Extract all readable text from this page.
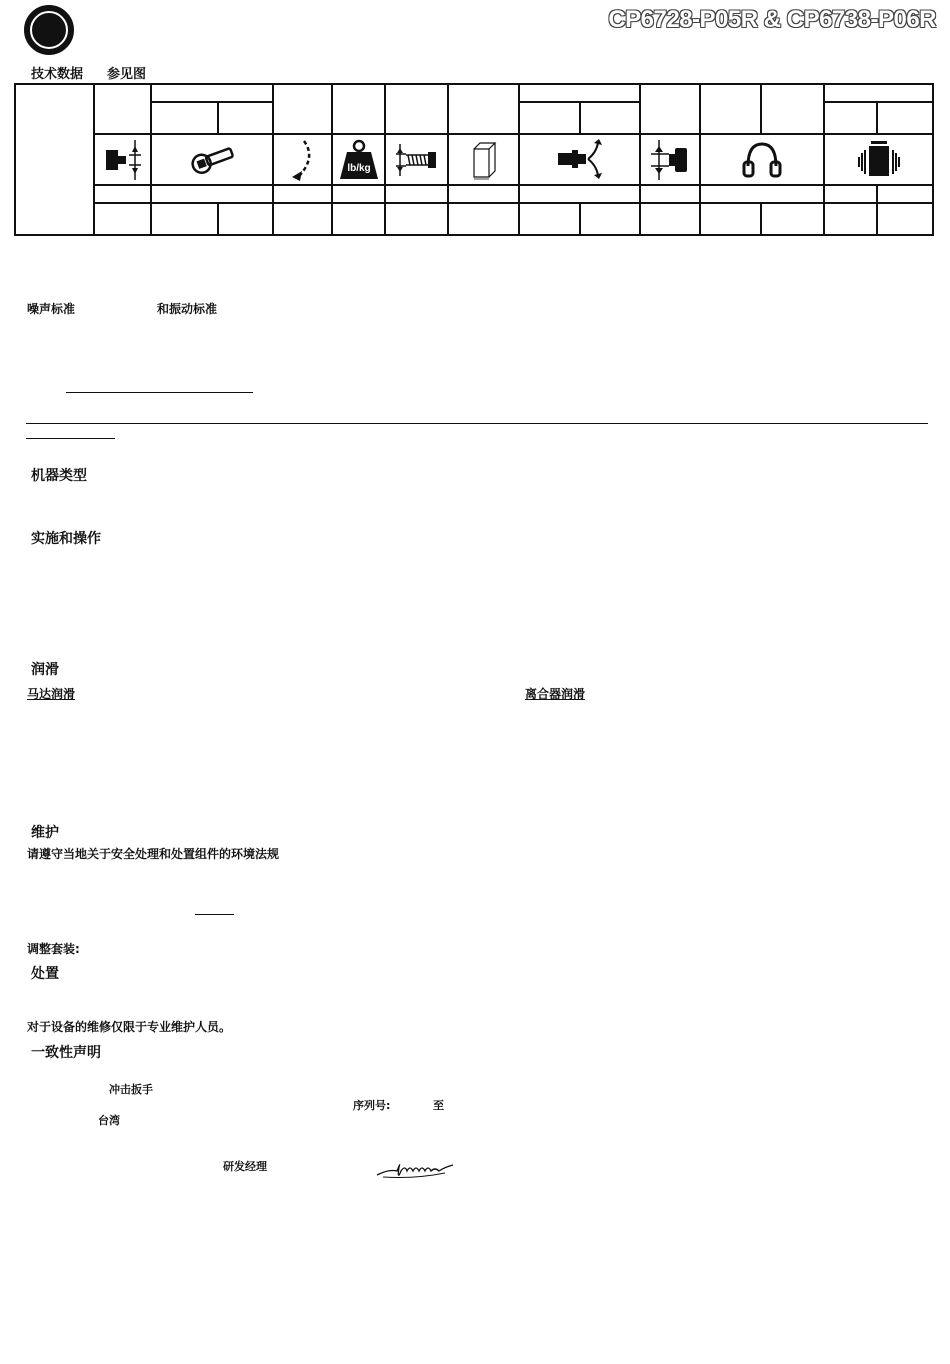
CP6728-P05R & CP6738-P06R
技术数据 参见图

lb/kg

噪声标准	和振动标准
机器类型
实施和操作
润滑
马达润滑	离合器润滑
维护
请遵守当地关于安全处理和处置组件的环境法规
调整套装:
处置
对于设备的维修仅限于专业维护人员。
一致性声明
冲击扳手
序列号:	至
台湾
研发经理
